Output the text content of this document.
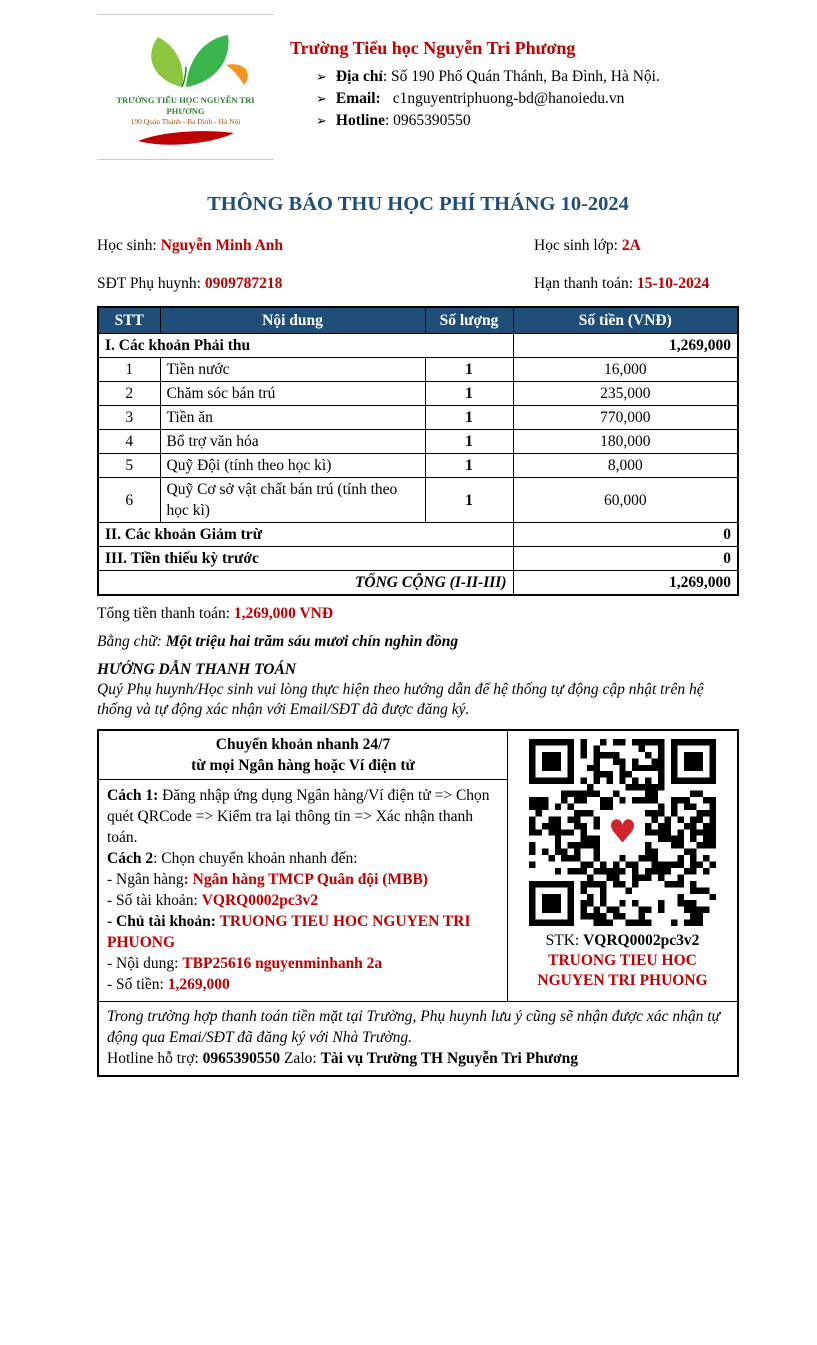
TRƯỜNG TIỂU HỌC NGUYỄN TRI PHƯƠNG
190 Quán Thánh - Ba Đình - Hà Nội
Trường Tiểu học Nguyễn Tri Phương
➢ Địa chỉ: Số 190 Phố Quán Thánh, Ba Đình, Hà Nội.
➢ Email: c1nguyentriphuong-bd@hanoiedu.vn
➢ Hotline: 0965390550
THÔNG BÁO THU HỌC PHÍ THÁNG 10-2024
Học sinh: Nguyễn Minh Anh	Học sinh lớp: 2A
SĐT Phụ huynh: 0909787218	Hạn thanh toán: 15-10-2024
STT	Nội dung	Số lượng	Số tiền (VNĐ)
I. Các khoản Phải thu			1,269,000
1	Tiền nước	1	16,000
2	Chăm sóc bán trú	1	235,000
3	Tiền ăn	1	770,000
4	Bổ trợ văn hóa	1	180,000
5	Quỹ Đội (tính theo học kì)	1	8,000
6	Quỹ Cơ sở vật chất bán trú (tính theo học kì)	1	60,000
II. Các khoản Giảm trừ			0
III. Tiền thiếu kỳ trước			0
TỔNG CỘNG (I-II-III)			1,269,000
Tổng tiền thanh toán: 1,269,000 VNĐ
Bằng chữ: Một triệu hai trăm sáu mươi chín nghìn đồng
HƯỚNG DẪN THANH TOÁN
Quý Phụ huynh/Học sinh vui lòng thực hiện theo hướng dẫn để hệ thống tự động cập nhật trên hệ thống và tự động xác nhận với Email/SĐT đã được đăng ký.
Chuyển khoản nhanh 24/7
từ mọi Ngân hàng hoặc Ví điện tử
Cách 1: Đăng nhập ứng dụng Ngân hàng/Ví điện tử => Chọn quét QRCode => Kiểm tra lại thông tin => Xác nhận thanh toán.
Cách 2: Chọn chuyển khoản nhanh đến:
- Ngân hàng: Ngân hàng TMCP Quân đội (MBB)
- Số tài khoản: VQRQ0002pc3v2
- Chủ tài khoản: TRUONG TIEU HOC NGUYEN TRI PHUONG
- Nội dung: TBP25616 nguyenminhanh 2a
- Số tiền: 1,269,000
♥
STK: VQRQ0002pc3v2
TRUONG TIEU HOC
NGUYEN TRI PHUONG
Trong trường hợp thanh toán tiền mặt tại Trường, Phụ huynh lưu ý cũng sẽ nhận được xác nhận tự động qua Emai/SĐT đã đăng ký với Nhà Trường.
Hotline hỗ trợ: 0965390550 Zalo: Tài vụ Trường TH Nguyễn Tri Phương
